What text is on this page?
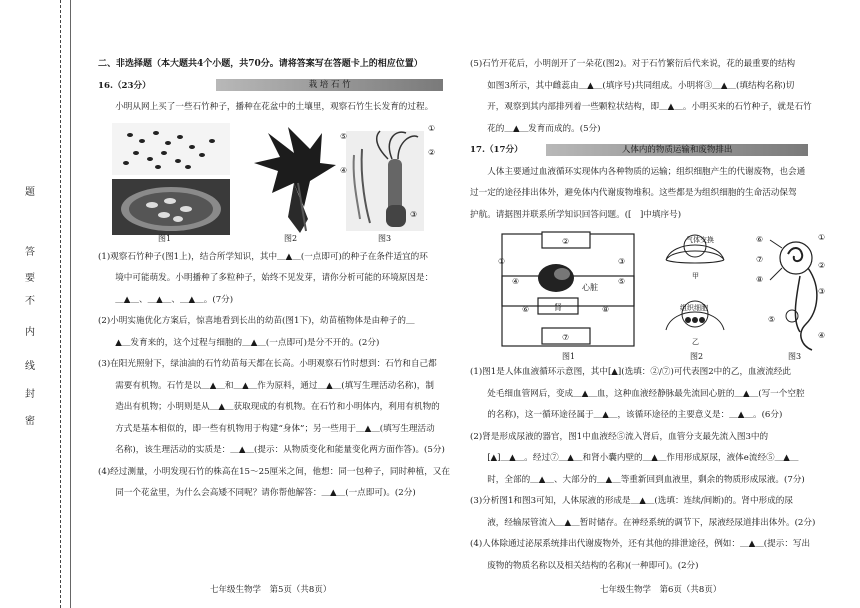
题
答
要
不
内
线
封
密

二、非选择题（本大题共4个小题，共70分。请将答案写在答题卡上的相应位置）

16.（23分）	栽 培 石 竹

小明从网上买了一些石竹种子，播种在花盆中的土壤里，观察石竹生长发育的过程。

①
②
③
④
⑤
图1	图2	图3

(1)观察石竹种子(图1上)，结合所学知识，其中＿▲＿(一点即可)的种子在条件适宜的环

境中可能萌发。小明播种了多粒种子，始终不见发芽，请你分析可能的环境原因是：

＿▲＿、＿▲＿、＿▲＿。(7分)

(2)小明实施优化方案后，惊喜地看到长出的幼苗(图1下)，幼苗植物体是由种子的＿

▲＿发育来的，这个过程与细胞的＿▲＿(一点即可)是分不开的。(2分)

(3)在阳光照射下，绿油油的石竹幼苗每天都在长高。小明观察石竹时想到：石竹和自己都

需要有机物。石竹是以＿▲＿和＿▲＿作为原料，通过＿▲＿(填写生理活动名称)，制

造出有机物；小明则是从＿▲＿获取现成的有机物。在石竹和小明体内，利用有机物的

方式是基本相似的，即一些有机物用于构建“身体”；另一些用于＿▲＿(填写生理活动

名称)，该生理活动的实质是：＿▲＿(提示：从物质变化和能量变化两方面作答)。(5分)

(4)经过测量，小明发现石竹的株高在15～25厘米之间，他想：同一包种子，同时种植，又在

同一个花盆里，为什么会高矮不同呢？请你帮他解答：＿▲＿(一点即可)。(2分)

(5)石竹开花后，小明剖开了一朵花(图2)。对于石竹繁衍后代来说，花的最重要的结构

如图3所示，其中雌蕊由＿▲＿(填序号)共同组成。小明将③＿▲＿(填结构名称)切

开，观察到其内部排列着一些颗粒状结构，即＿▲＿。小明买来的石竹种子，就是石竹

花的＿▲＿发育而成的。(5分)

17.（17分）	人体内的物质运输和废物排出

人体主要通过血液循环实现体内各种物质的运输；组织细胞产生的代谢废物，也会通

过一定的途径排出体外，避免体内代谢废物堆积。这些都是为组织细胞的生命活动保驾

护航。请据图并联系所学知识回答问题。([　]中填序号)

②
①
④	⑤
⑥	⑧
⑦
③
心脏
肾
气体交换
甲
组织细胞
乙
⑥
⑦
⑧
⑤
①
②
③
④
图1	图2	图3

(1)图1是人体血液循环示意图，其中[▲](选填：②/⑦)可代表图2中的乙，血液流经此

处毛细血管网后，变成＿▲＿血，这种血液经静脉最先流回心脏的＿▲＿(写一个空腔

的名称)，这一循环途径属于＿▲＿，该循环途径的主要意义是：＿▲＿。(6分)

(2)肾是形成尿液的器官，图1中血液经⑤流入肾后，血管分支最先流入图3中的

[▲]＿▲＿。经过⑦＿▲＿和肾小囊内壁的＿▲＿作用形成原尿，液体e流经⑤＿▲＿

时，全部的＿▲＿、大部分的＿▲＿等重新回到血液里，剩余的物质形成尿液。(7分)

(3)分析图1和图3可知，人体尿液的形成是＿▲＿(选填：连续/间断)的。肾中形成的尿

液，经输尿管流入＿▲＿暂时储存。在神经系统的调节下，尿液经尿道排出体外。(2分)

(4)人体除通过泌尿系统排出代谢废物外，还有其他的排泄途径，例如：＿▲＿(提示：写出

废物的物质名称以及相关结构的名称)(一种即可)。(2分)

七年级生物学　第5页（共8页）	七年级生物学　第6页（共8页）
